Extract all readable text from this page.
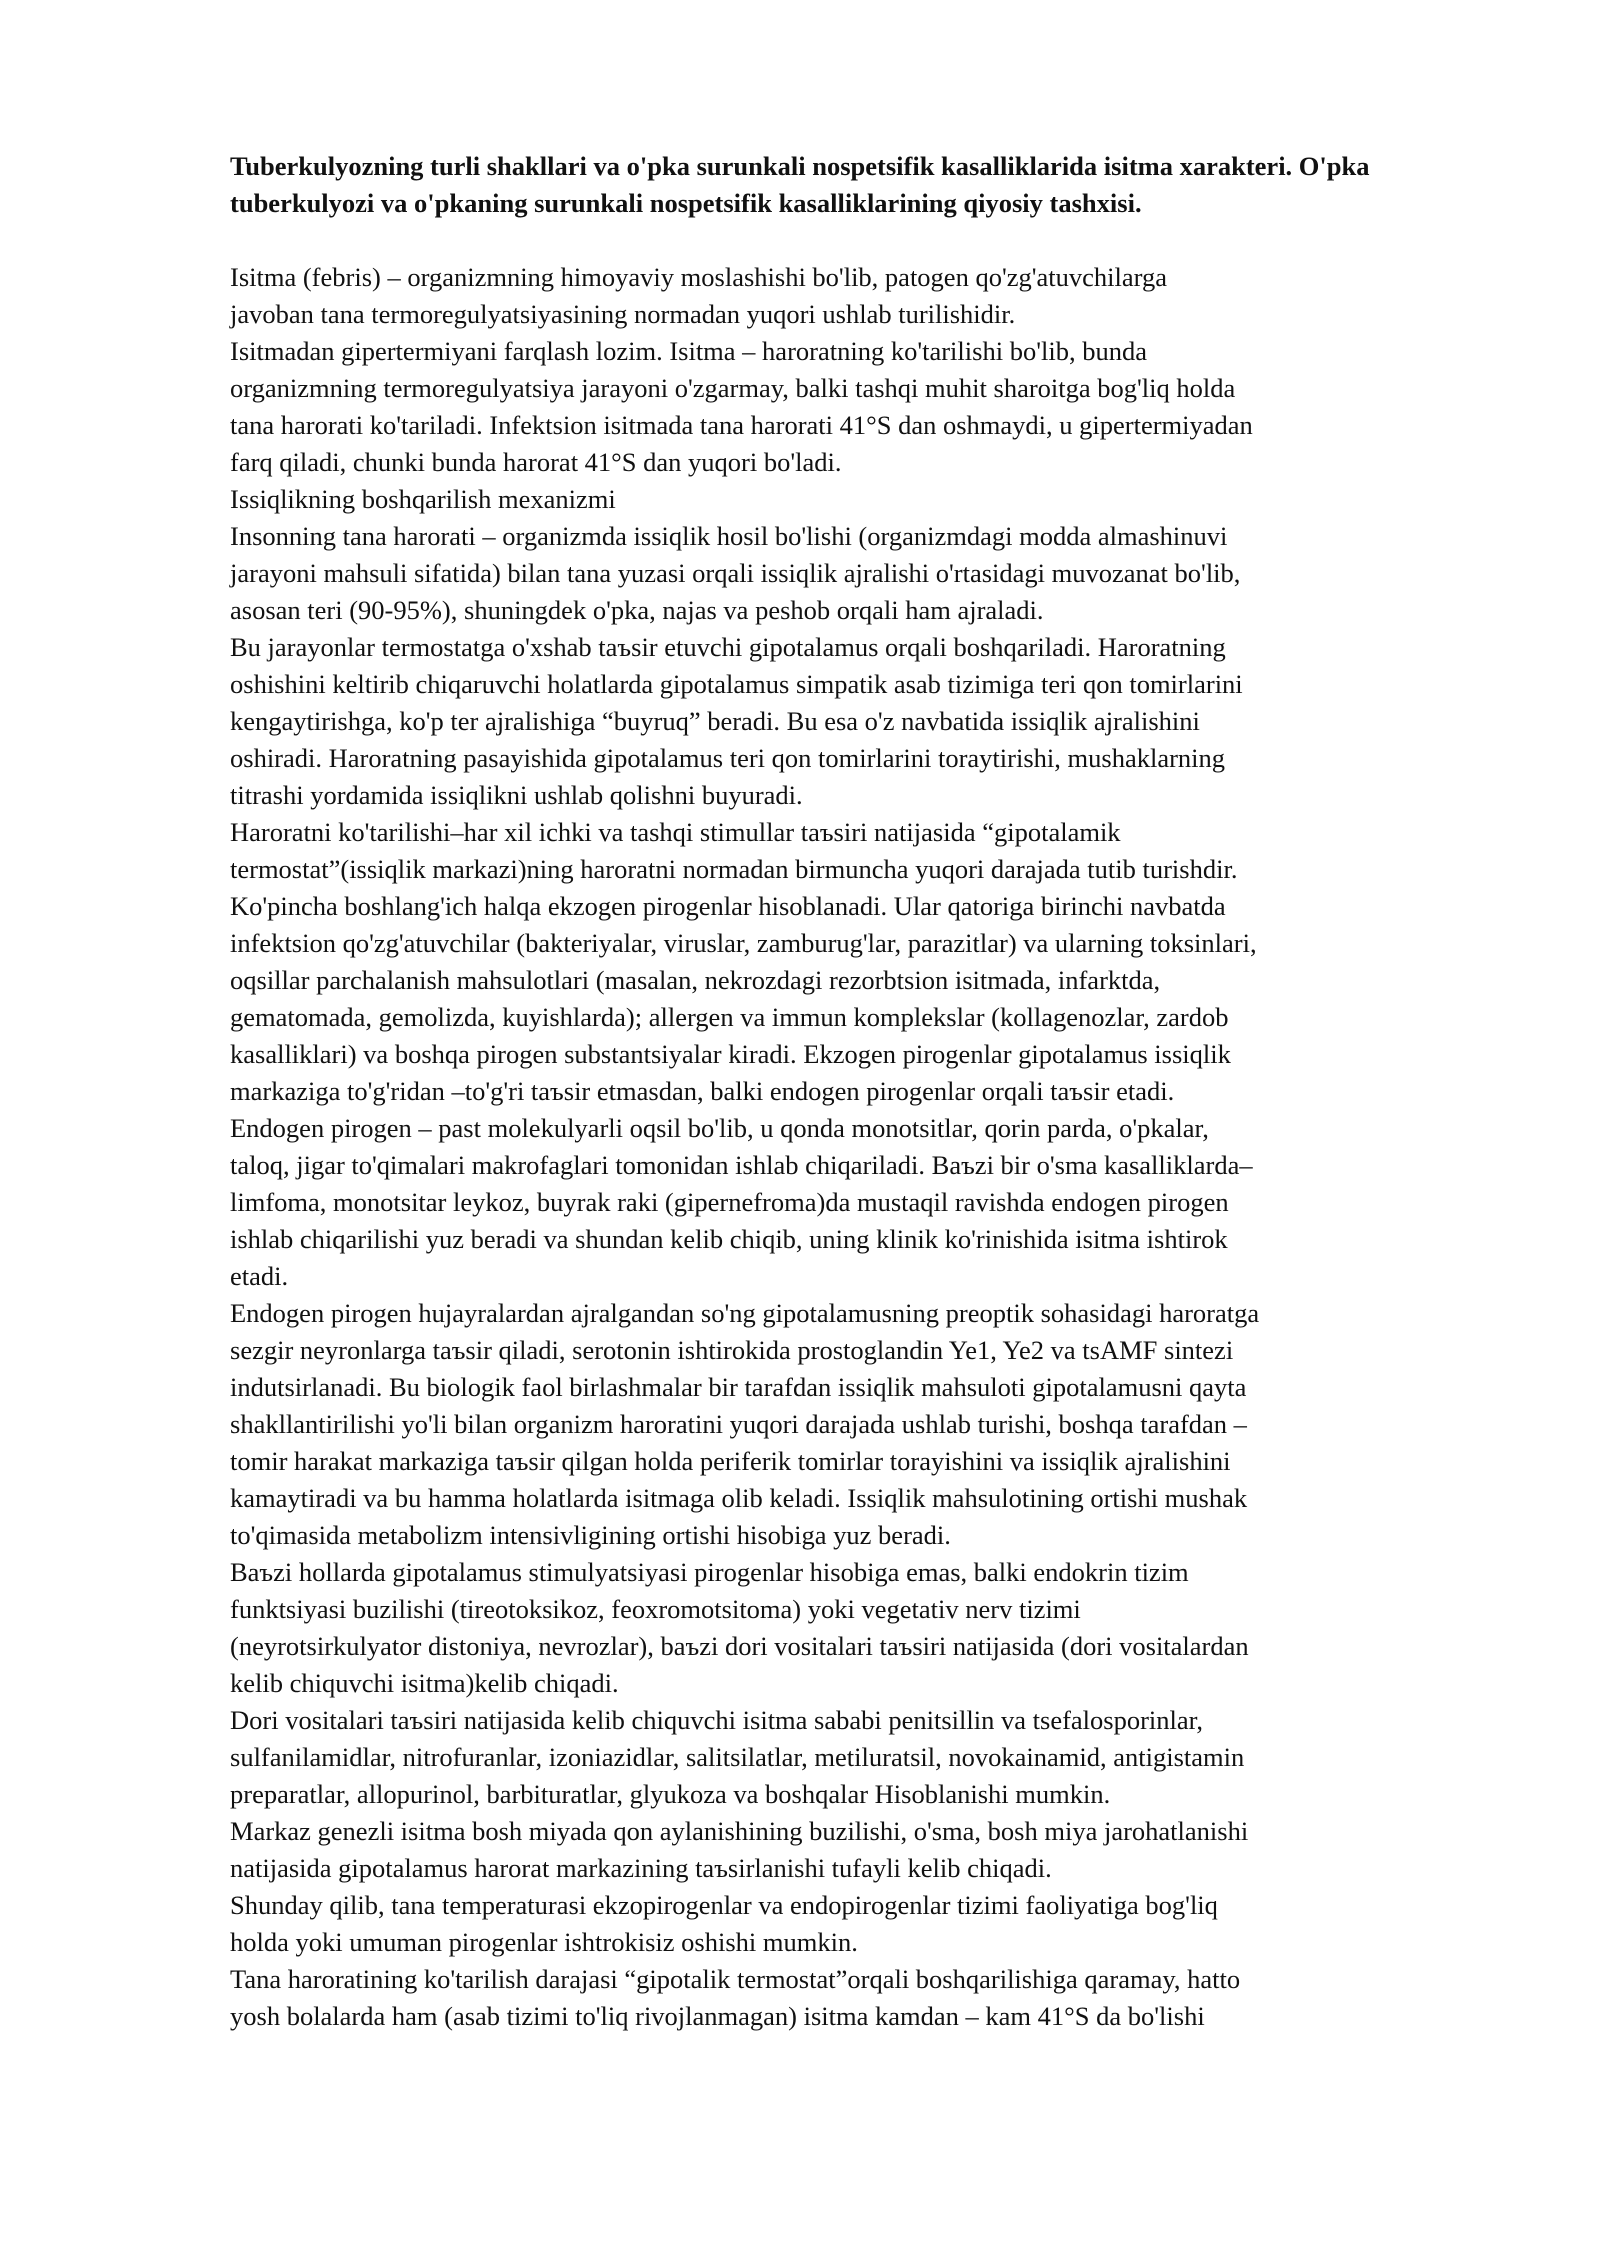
Tuberkulyozning turli shakllari va o'pka surunkali nospetsifik kasalliklarida isitma xarakteri. O'pka tuberkulyozi va o'pkaning surunkali nospetsifik kasalliklarining qiyosiy tashxisi.

Isitma (febris) – organizmning himoyaviy moslashishi bo'lib, patogen qo'zg'atuvchilarga
javoban tana termoregulyatsiyasining normadan yuqori ushlab turilishidir.

Isitmadan gipertermiyani farqlash lozim. Isitma – haroratning ko'tarilishi bo'lib, bunda
organizmning termoregulyatsiya jarayoni o'zgarmay, balki tashqi muhit sharoitga bog'liq holda
tana harorati ko'tariladi. Infektsion isitmada tana harorati 41°S dan oshmaydi, u gipertermiyadan
farq qiladi, chunki bunda harorat 41°S dan yuqori bo'ladi.

Issiqlikning boshqarilish mexanizmi

Insonning tana harorati – organizmda issiqlik hosil bo'lishi (organizmdagi modda almashinuvi
jarayoni mahsuli sifatida) bilan tana yuzasi orqali issiqlik ajralishi o'rtasidagi muvozanat bo'lib,
asosan teri (90-95%), shuningdek o'pka, najas va peshob orqali ham ajraladi.

Bu jarayonlar termostatga o'xshab taъsir etuvchi gipotalamus orqali boshqariladi. Haroratning
oshishini keltirib chiqaruvchi holatlarda gipotalamus simpatik asab tizimiga teri qon tomirlarini
kengaytirishga, ko'p ter ajralishiga “buyruq” beradi. Bu esa o'z navbatida issiqlik ajralishini
oshiradi. Haroratning pasayishida gipotalamus teri qon tomirlarini toraytirishi, mushaklarning
titrashi yordamida issiqlikni ushlab qolishni buyuradi.

Haroratni ko'tarilishi–har xil ichki va tashqi stimullar taъsiri natijasida “gipotalamik
termostat”(issiqlik markazi)ning haroratni normadan birmuncha yuqori darajada tutib turishdir.
Ko'pincha boshlang'ich halqa ekzogen pirogenlar hisoblanadi. Ular qatoriga birinchi navbatda
infektsion qo'zg'atuvchilar (bakteriyalar, viruslar, zamburug'lar, parazitlar) va ularning toksinlari,
oqsillar parchalanish mahsulotlari (masalan, nekrozdagi rezorbtsion isitmada, infarktda,
gematomada, gemolizda, kuyishlarda); allergen va immun komplekslar (kollagenozlar, zardob
kasalliklari) va boshqa pirogen substantsiyalar kiradi. Ekzogen pirogenlar gipotalamus issiqlik
markaziga to'g'ridan –to'g'ri taъsir etmasdan, balki endogen pirogenlar orqali taъsir etadi.

Endogen pirogen – past molekulyarli oqsil bo'lib, u qonda monotsitlar, qorin parda, o'pkalar,
taloq, jigar to'qimalari makrofaglari tomonidan ishlab chiqariladi. Baъzi bir o'sma kasalliklarda–
limfoma, monotsitar leykoz, buyrak raki (gipernefroma)da mustaqil ravishda endogen pirogen
ishlab chiqarilishi yuz beradi va shundan kelib chiqib, uning klinik ko'rinishida isitma ishtirok
etadi.

Endogen pirogen hujayralardan ajralgandan so'ng gipotalamusning preoptik sohasidagi haroratga
sezgir neyronlarga taъsir qiladi, serotonin ishtirokida prostoglandin Ye1, Ye2 va tsAMF sintezi
indutsirlanadi. Bu biologik faol birlashmalar bir tarafdan issiqlik mahsuloti gipotalamusni qayta
shakllantirilishi yo'li bilan organizm haroratini yuqori darajada ushlab turishi, boshqa tarafdan –
tomir harakat markaziga taъsir qilgan holda periferik tomirlar torayishini va issiqlik ajralishini
kamaytiradi va bu hamma holatlarda isitmaga olib keladi. Issiqlik mahsulotining ortishi mushak
to'qimasida metabolizm intensivligining ortishi hisobiga yuz beradi.

Baъzi hollarda gipotalamus stimulyatsiyasi pirogenlar hisobiga emas, balki endokrin tizim
funktsiyasi buzilishi (tireotoksikoz, feoxromotsitoma) yoki vegetativ nerv tizimi
(neyrotsirkulyator distoniya, nevrozlar), baъzi dori vositalari taъsiri natijasida (dori vositalardan
kelib chiquvchi isitma)kelib chiqadi.

Dori vositalari taъsiri natijasida kelib chiquvchi isitma sababi penitsillin va tsefalosporinlar,
sulfanilamidlar, nitrofuranlar, izoniazidlar, salitsilatlar, metiluratsil, novokainamid, antigistamin
preparatlar, allopurinol, barbituratlar, glyukoza va boshqalar Hisoblanishi mumkin.

Markaz genezli isitma bosh miyada qon aylanishining buzilishi, o'sma, bosh miya jarohatlanishi
natijasida gipotalamus harorat markazining taъsirlanishi tufayli kelib chiqadi.

Shunday qilib, tana temperaturasi ekzopirogenlar va endopirogenlar tizimi faoliyatiga bog'liq
holda yoki umuman pirogenlar ishtrokisiz oshishi mumkin.

Tana haroratining ko'tarilish darajasi “gipotalik termostat”orqali boshqarilishiga qaramay, hatto
yosh bolalarda ham (asab tizimi to'liq rivojlanmagan) isitma kamdan – kam 41°S da bo'lishi
